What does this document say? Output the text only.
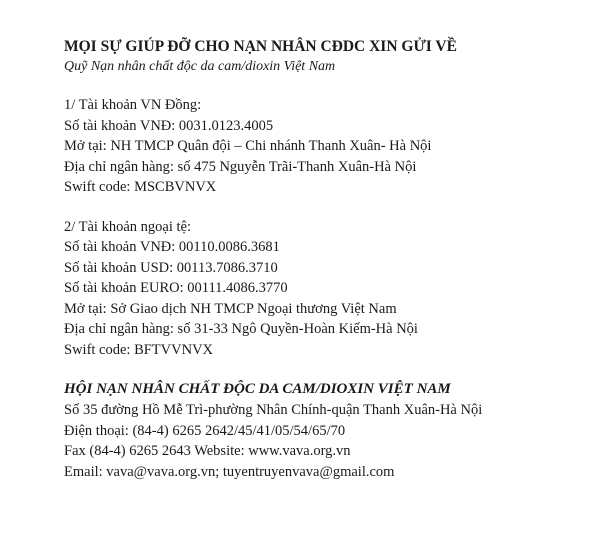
MỌI SỰ GIÚP ĐỠ CHO NẠN NHÂN CĐDC XIN GỬI VỀ
Quỹ Nạn nhân chất độc da cam/dioxin Việt Nam
1/ Tài khoản VN Đồng:
Số tài khoản VNĐ: 0031.0123.4005
Mở tại: NH TMCP Quân đội – Chi nhánh Thanh Xuân- Hà Nội
Địa chỉ ngân hàng: số 475 Nguyễn Trãi-Thanh Xuân-Hà Nội
Swift code: MSCBVNVX
2/ Tài khoản ngoại tệ:
Số tài khoản VNĐ: 00110.0086.3681
Số tài khoản USD: 00113.7086.3710
Số tài khoản EURO: 00111.4086.3770
Mở tại: Sở Giao dịch NH TMCP Ngoại thương Việt Nam
Địa chỉ ngân hàng: số 31-33 Ngô Quyền-Hoàn Kiếm-Hà Nội
Swift code: BFTVVNVX
HỘI NẠN NHÂN CHẤT ĐỘC DA CAM/DIOXIN VIỆT NAM
Số 35 đường Hồ Mễ Trì-phường Nhân Chính-quận Thanh Xuân-Hà Nội
Điện thoại: (84-4) 6265 2642/45/41/05/54/65/70
Fax (84-4) 6265 2643 Website: www.vava.org.vn
Email: vava@vava.org.vn; tuyentruyenvava@gmail.com
